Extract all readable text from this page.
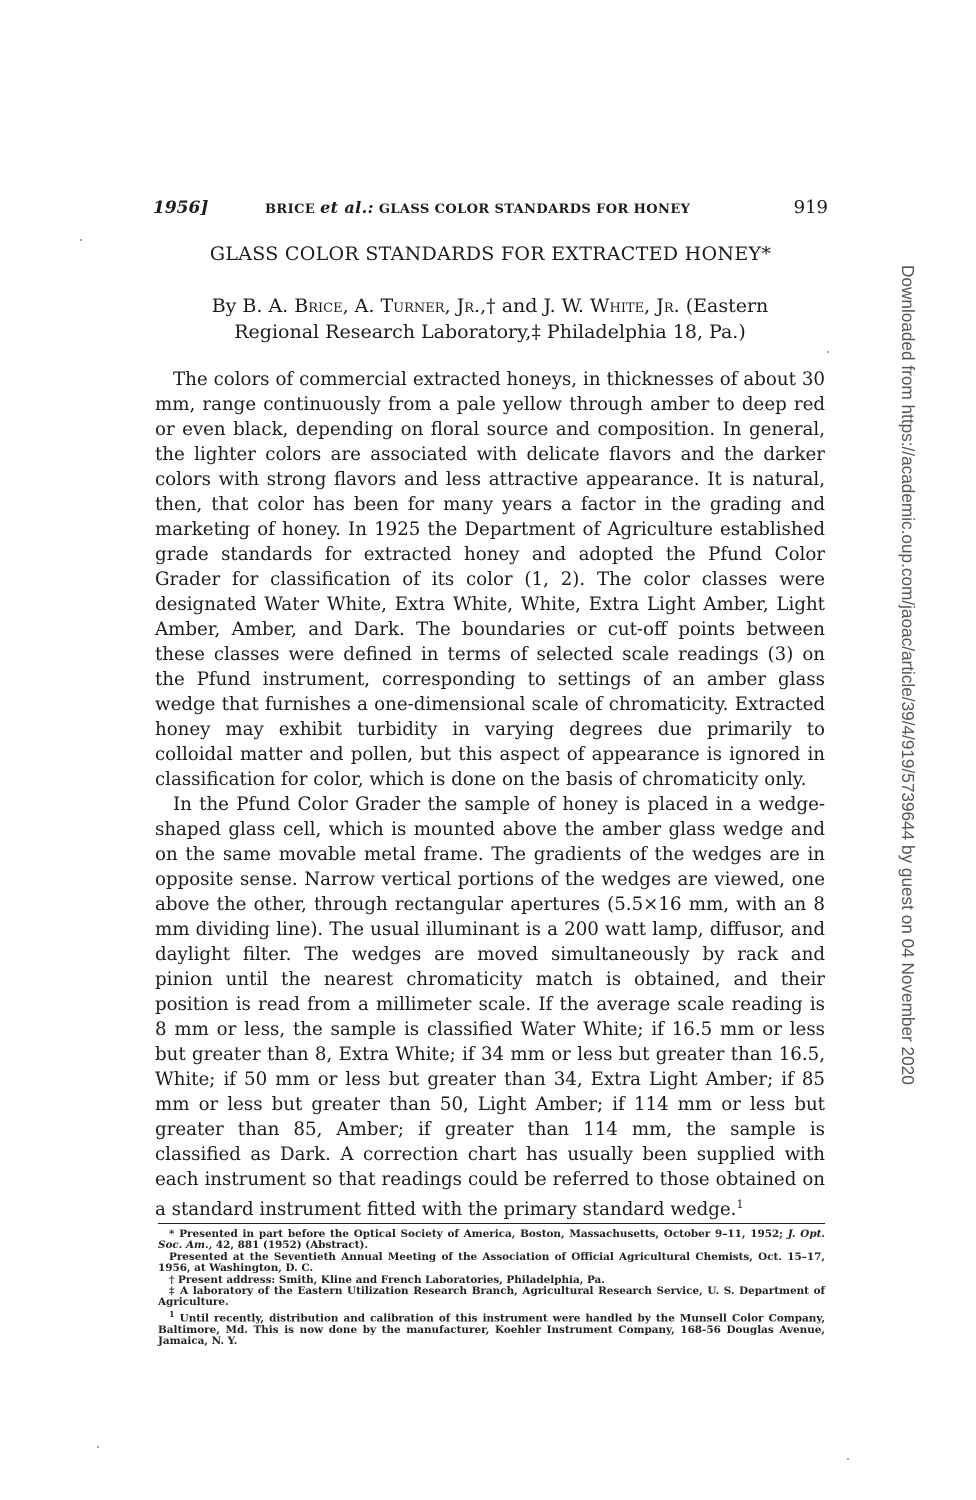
1956]	BRICE et al.: GLASS COLOR STANDARDS FOR HONEY	919
GLASS COLOR STANDARDS FOR EXTRACTED HONEY*
By B. A. Brice, A. Turner, Jr.,† and J. W. White, Jr. (Eastern
Regional Research Laboratory,‡ Philadelphia 18, Pa.)

The colors of commercial extracted honeys, in thicknesses of about 30 mm, range continuously from a pale yellow through amber to deep red or even black, depending on floral source and composition. In general, the lighter colors are associated with delicate flavors and the darker colors with strong flavors and less attractive appearance. It is natural, then, that color has been for many years a factor in the grading and marketing of honey. In 1925 the Department of Agriculture established grade standards for extracted honey and adopted the Pfund Color Grader for classification of its color (1, 2). The color classes were designated Water White, Extra White, White, Extra Light Amber, Light Amber, Amber, and Dark. The boundaries or cut-off points between these classes were defined in terms of selected scale readings (3) on the Pfund instrument, corresponding to settings of an amber glass wedge that furnishes a one-dimensional scale of chromaticity. Extracted honey may exhibit turbidity in varying degrees due primarily to colloidal matter and pollen, but this aspect of appearance is ignored in classification for color, which is done on the basis of chromaticity only.

In the Pfund Color Grader the sample of honey is placed in a wedge-shaped glass cell, which is mounted above the amber glass wedge and on the same movable metal frame. The gradients of the wedges are in opposite sense. Narrow vertical portions of the wedges are viewed, one above the other, through rectangular apertures (5.5×16 mm, with an 8 mm dividing line). The usual illuminant is a 200 watt lamp, diffusor, and daylight filter. The wedges are moved simultaneously by rack and pinion until the nearest chromaticity match is obtained, and their position is read from a millimeter scale. If the average scale reading is 8 mm or less, the sample is classified Water White; if 16.5 mm or less but greater than 8, Extra White; if 34 mm or less but greater than 16.5, White; if 50 mm or less but greater than 34, Extra Light Amber; if 85 mm or less but greater than 50, Light Amber; if 114 mm or less but greater than 85, Amber; if greater than 114 mm, the sample is classified as Dark. A correction chart has usually been supplied with each instrument so that readings could be referred to those obtained on a standard instrument fitted with the primary standard wedge.$^1$

* Presented in part before the Optical Society of America, Boston, Massachusetts, October 9–11, 1952; J. Opt. Soc. Am., 42, 881 (1952) (Abstract).

Presented at the Seventieth Annual Meeting of the Association of Official Agricultural Chemists, Oct. 15–17, 1956, at Washington, D. C.

† Present address: Smith, Kline and French Laboratories, Philadelphia, Pa.

‡ A laboratory of the Eastern Utilization Research Branch, Agricultural Research Service, U. S. Department of Agriculture.

$^1$ Until recently, distribution and calibration of this instrument were handled by the Munsell Color Company, Baltimore, Md. This is now done by the manufacturer, Koehler Instrument Company, 168-56 Douglas Avenue, Jamaica, N. Y.

Downloaded from https://academic.oup.com/jaoac/article/39/4/919/5739644 by guest on 04 November 2020
